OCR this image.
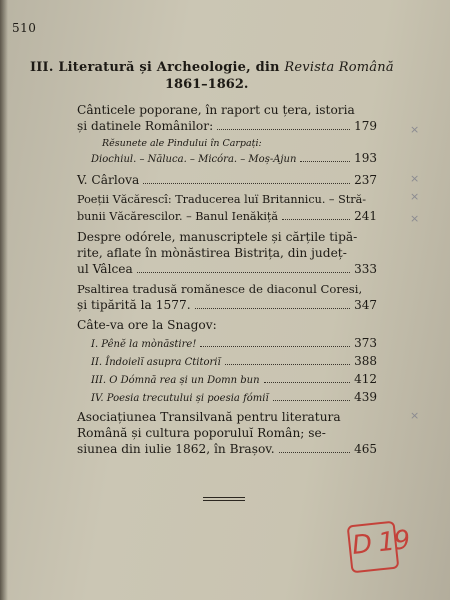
510
III. Literatură și Archeologie, din Revista Română
1861–1862.
Cânticele poporane, în raport cu țera, istoria
și datinele Românilor:	179
Rĕsunete ale Pindului în Carpați:
Diochiul. – Năluca. – Micóra. – Moș-Ajun	193
V. Cârlova	237
Poeții Văcărescî: Traducerea luï Britannicu. – Stră-
bunii Văcărescilor. – Banul Ienăkiță	241
Despre odórele, manuscriptele și cărțile tipă-
rite, aflate în mònăstirea Bistrița, din județ-
ul Vâlcea	333
Psaltirea tradusă romănesce de diaconul Coresi,
și tipărită la 1577.	347
Câte-va ore la Snagov:
I. Pênĕ la mònăstire!	373
II. Îndoielĭ asupra Ctitoriĭ	388
III. O Dómnă rea și un Domn bun	412
IV. Poesia trecutului și poesia fómiĭ	439
Asociațiunea Transilvană pentru literatura
Română și cultura poporuluĭ Român; se-
siunea din iulie 1862, în Brașov.	465
×
×
×
×
×
D 19
